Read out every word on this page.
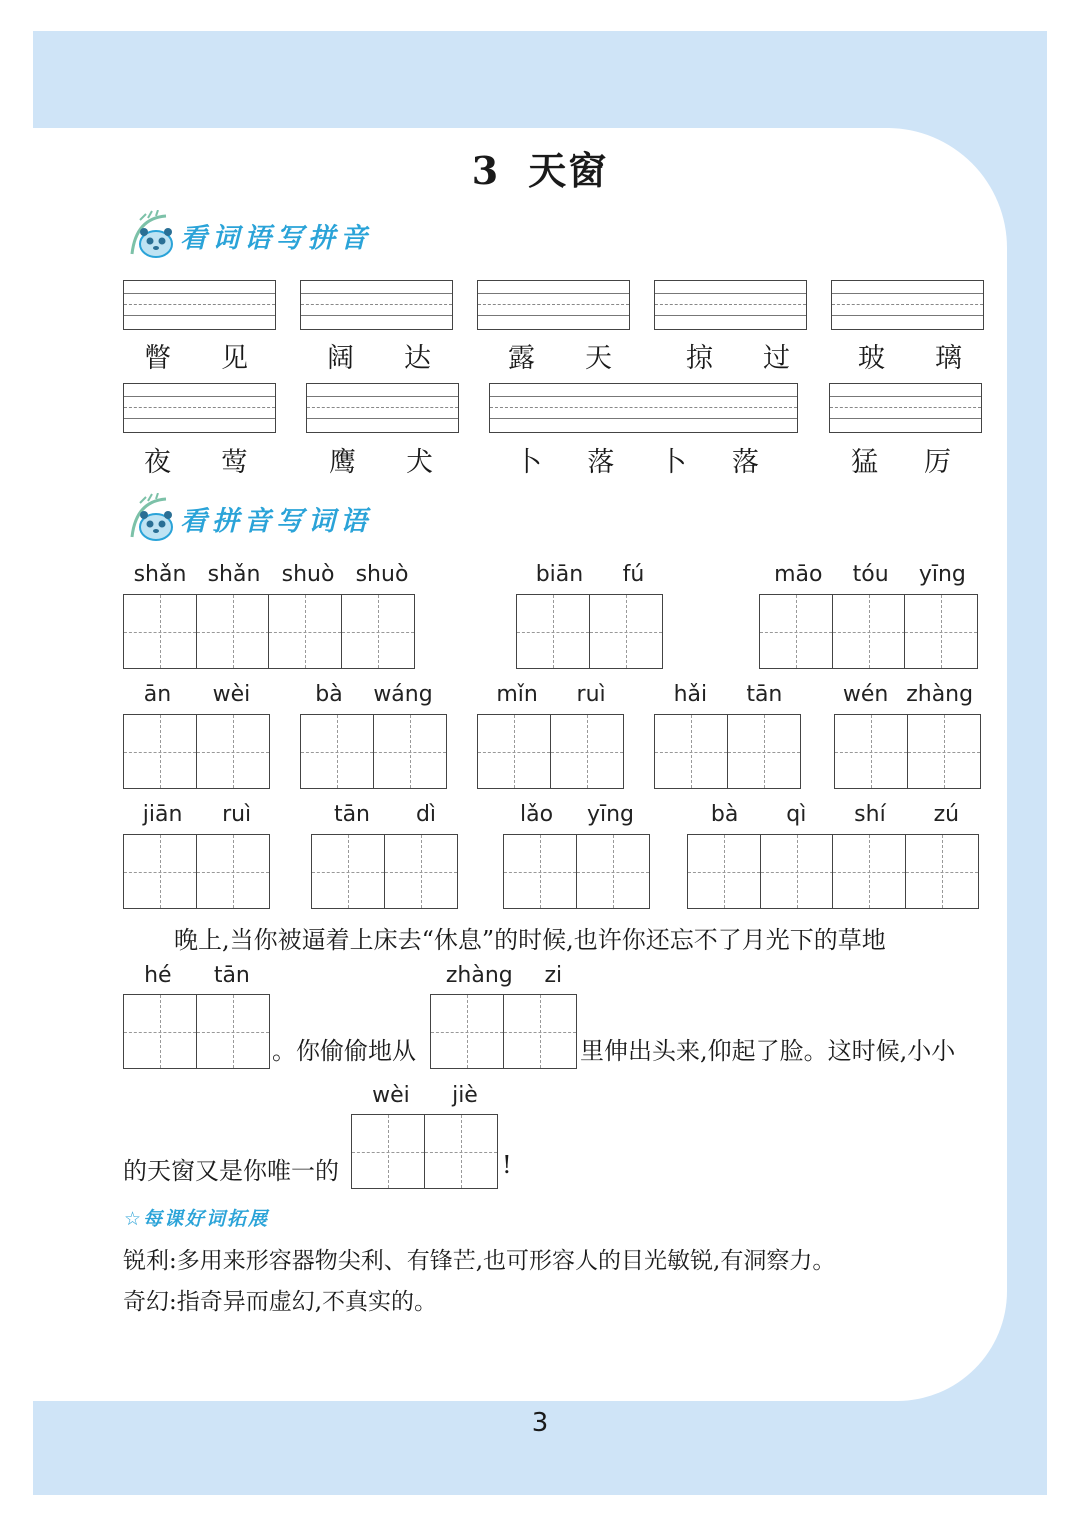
3 天窗
看词语写拼音
瞥 见	阔 达	露 天	掠 过	玻 璃
夜 莺	鹰 犬	卜 落 卜 落	猛 厉
看拼音写词语
shǎn shǎn shuò shuò	biān fú	māo tóu yīng
ān wèi	bà wáng	mǐn ruì	hǎi tān	wén zhàng
jiān ruì	tān dì	lǎo yīng	bà qì shí zú
晚上,当你被逼着上床去“休息”的时候,也许你还忘不了月光下的草地
hé tān
。你偷偷地从
zhàng zi
里伸出头来,仰起了脸。这时候,小小
的天窗又是你唯一的
wèi jiè
!
☆每课好词拓展
锐利:多用来形容器物尖利、有锋芒,也可形容人的目光敏锐,有洞察力。
奇幻:指奇异而虚幻,不真实的。
3
